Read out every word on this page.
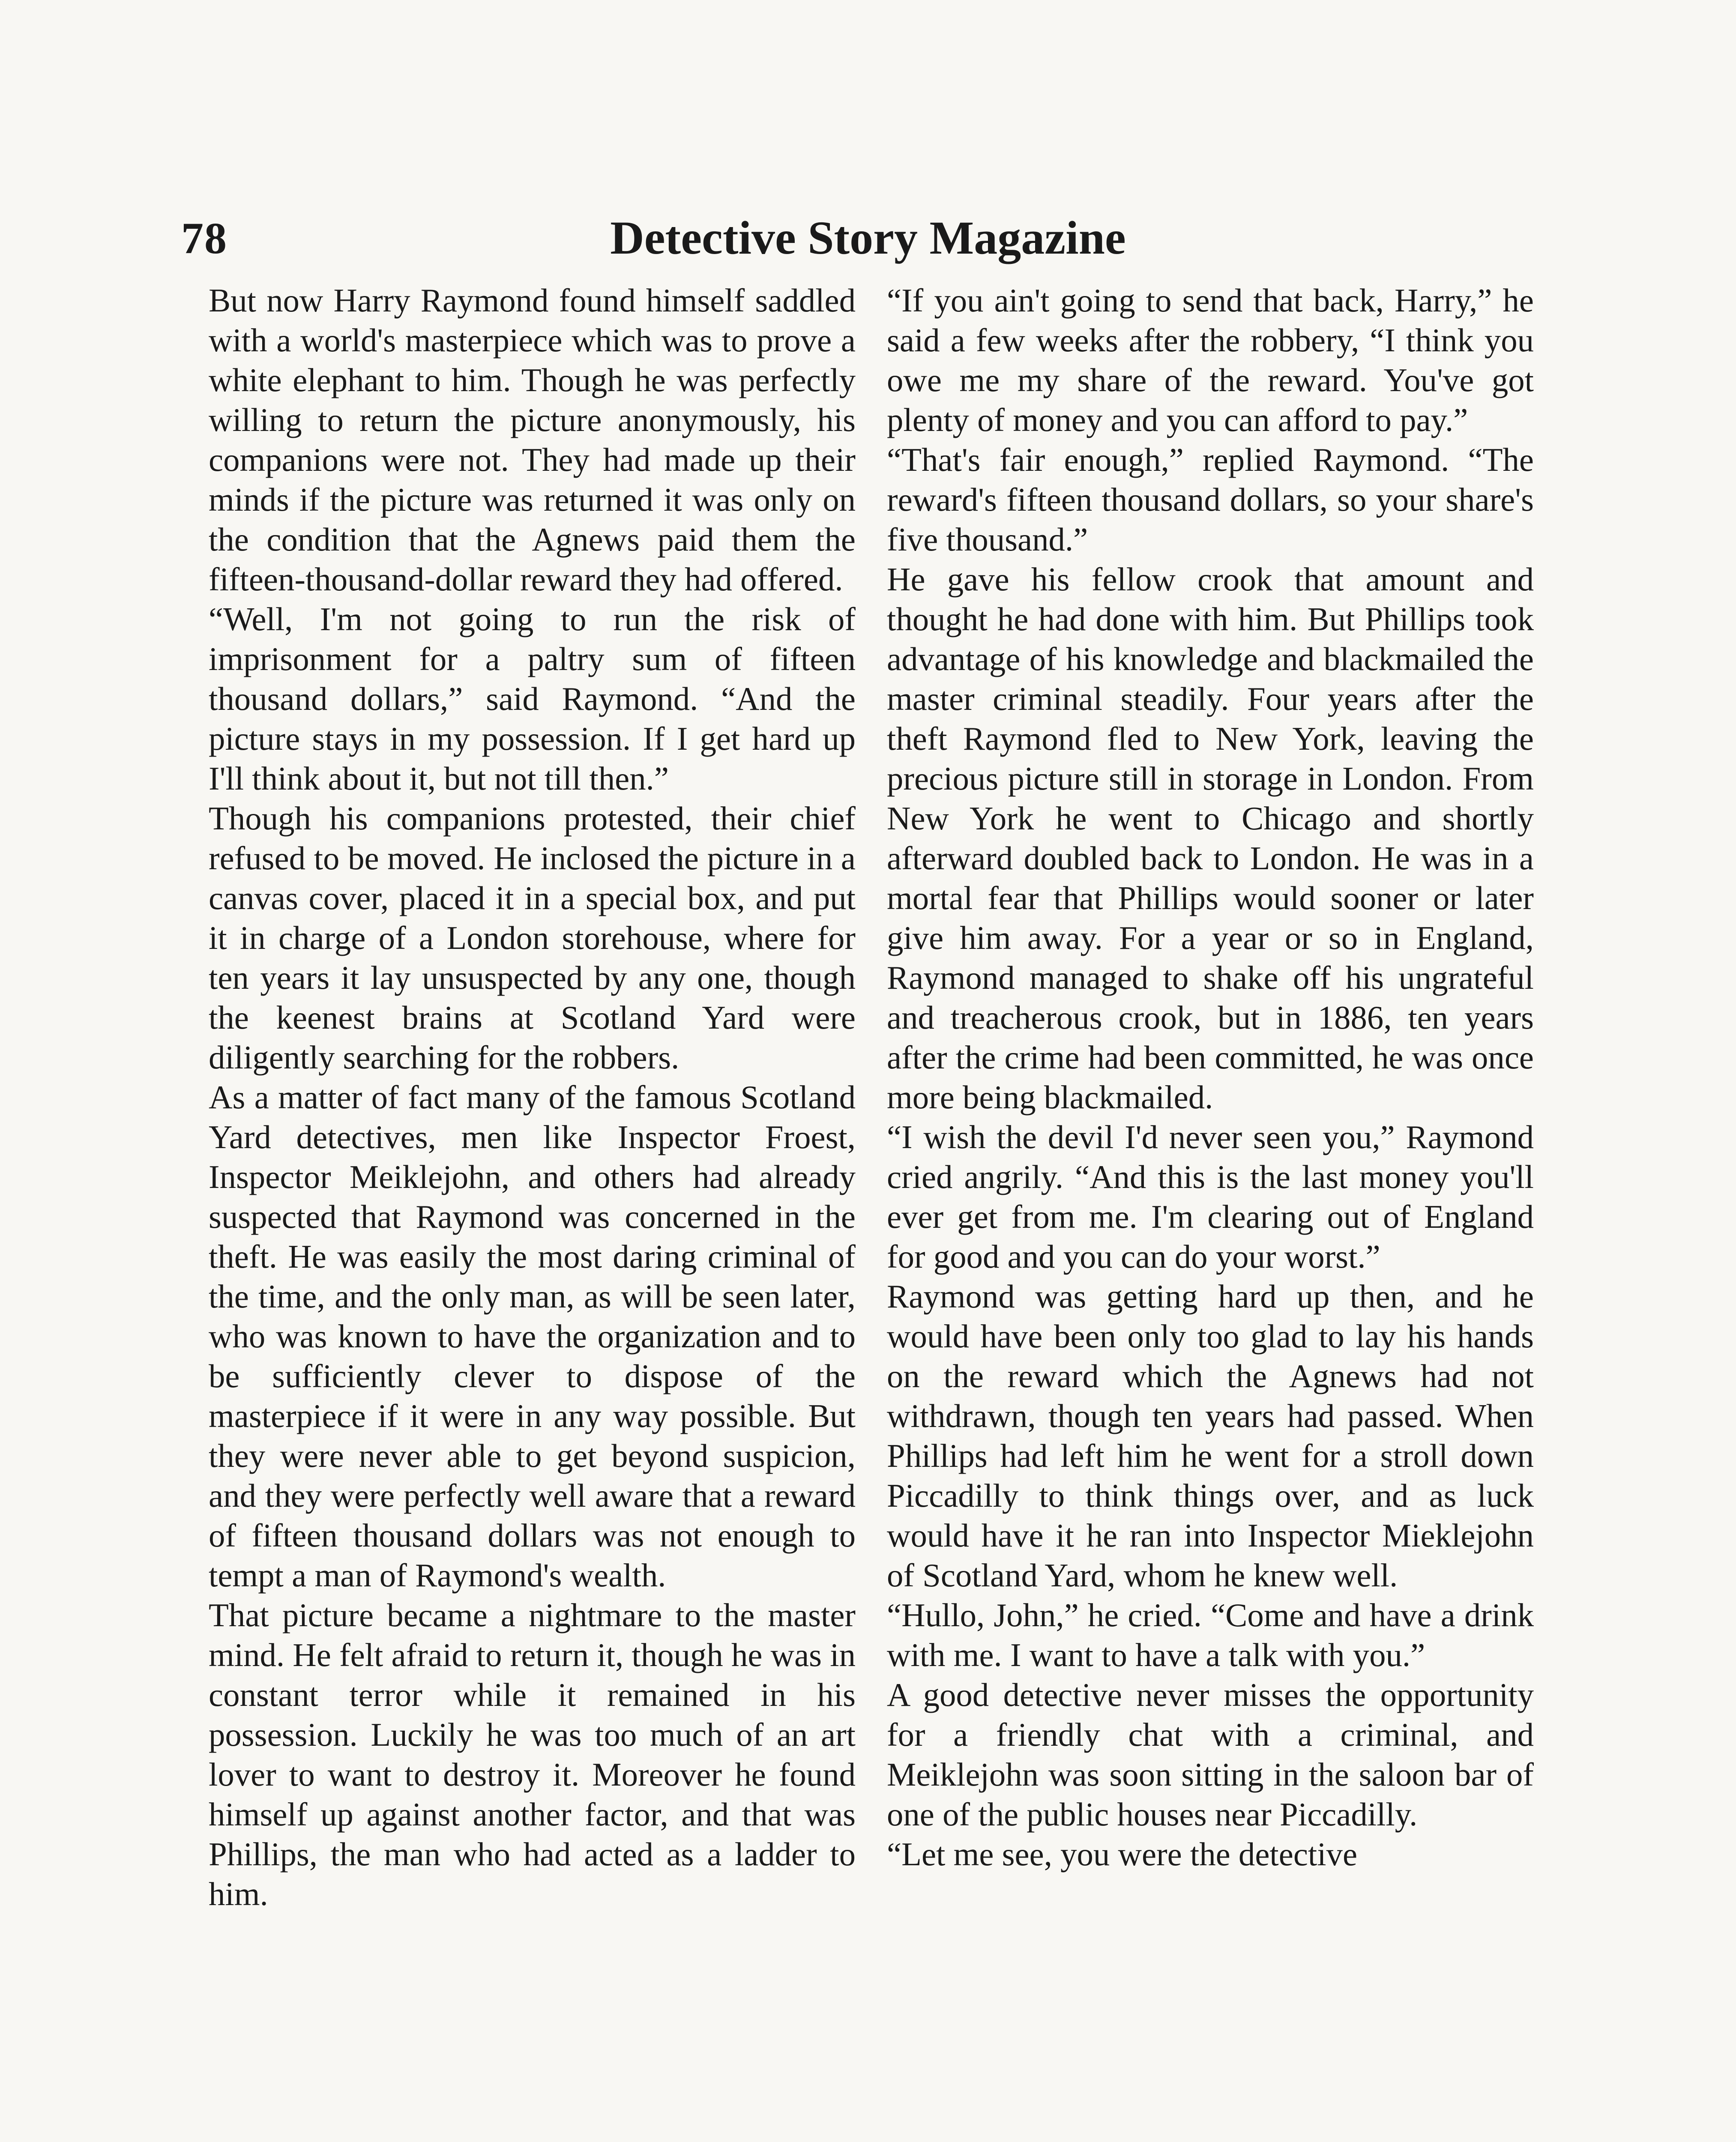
78	Detective Story Magazine

But now Harry Raymond found himself saddled with a world's masterpiece which was to prove a white elephant to him. Though he was perfectly willing to return the picture anonymously, his companions were not. They had made up their minds if the picture was returned it was only on the condition that the Agnews paid them the fifteen-thousand-dollar reward they had offered.

“Well, I'm not going to run the risk of imprisonment for a paltry sum of fifteen thousand dollars,” said Raymond. “And the picture stays in my possession. If I get hard up I'll think about it, but not till then.”

Though his companions protested, their chief refused to be moved. He inclosed the picture in a canvas cover, placed it in a special box, and put it in charge of a London storehouse, where for ten years it lay unsuspected by any one, though the keenest brains at Scotland Yard were diligently searching for the robbers.

As a matter of fact many of the famous Scotland Yard detectives, men like Inspector Froest, Inspector Meiklejohn, and others had already suspected that Raymond was concerned in the theft. He was easily the most daring criminal of the time, and the only man, as will be seen later, who was known to have the organization and to be sufficiently clever to dispose of the masterpiece if it were in any way possible. But they were never able to get beyond suspicion, and they were perfectly well aware that a reward of fifteen thousand dollars was not enough to tempt a man of Raymond's wealth.

That picture became a nightmare to the master mind. He felt afraid to return it, though he was in constant terror while it remained in his possession. Luckily he was too much of an art lover to want to destroy it. Moreover he found himself up against another factor, and that was Phillips, the man who had acted as a ladder to him.

“If you ain't going to send that back, Harry,” he said a few weeks after the robbery, “I think you owe me my share of the reward. You've got plenty of money and you can afford to pay.”

“That's fair enough,” replied Raymond. “The reward's fifteen thousand dollars, so your share's five thousand.”

He gave his fellow crook that amount and thought he had done with him. But Phillips took advantage of his knowledge and blackmailed the master criminal steadily. Four years after the theft Raymond fled to New York, leaving the precious picture still in storage in London. From New York he went to Chicago and shortly afterward doubled back to London. He was in a mortal fear that Phillips would sooner or later give him away. For a year or so in England, Raymond managed to shake off his ungrateful and treacherous crook, but in 1886, ten years after the crime had been committed, he was once more being blackmailed.

“I wish the devil I'd never seen you,” Raymond cried angrily. “And this is the last money you'll ever get from me. I'm clearing out of England for good and you can do your worst.”

Raymond was getting hard up then, and he would have been only too glad to lay his hands on the reward which the Agnews had not withdrawn, though ten years had passed. When Phillips had left him he went for a stroll down Piccadilly to think things over, and as luck would have it he ran into Inspector Mieklejohn of Scotland Yard, whom he knew well.

“Hullo, John,” he cried. “Come and have a drink with me. I want to have a talk with you.”

A good detective never misses the opportunity for a friendly chat with a criminal, and Meiklejohn was soon sitting in the saloon bar of one of the public houses near Piccadilly.

“Let me see, you were the detective
